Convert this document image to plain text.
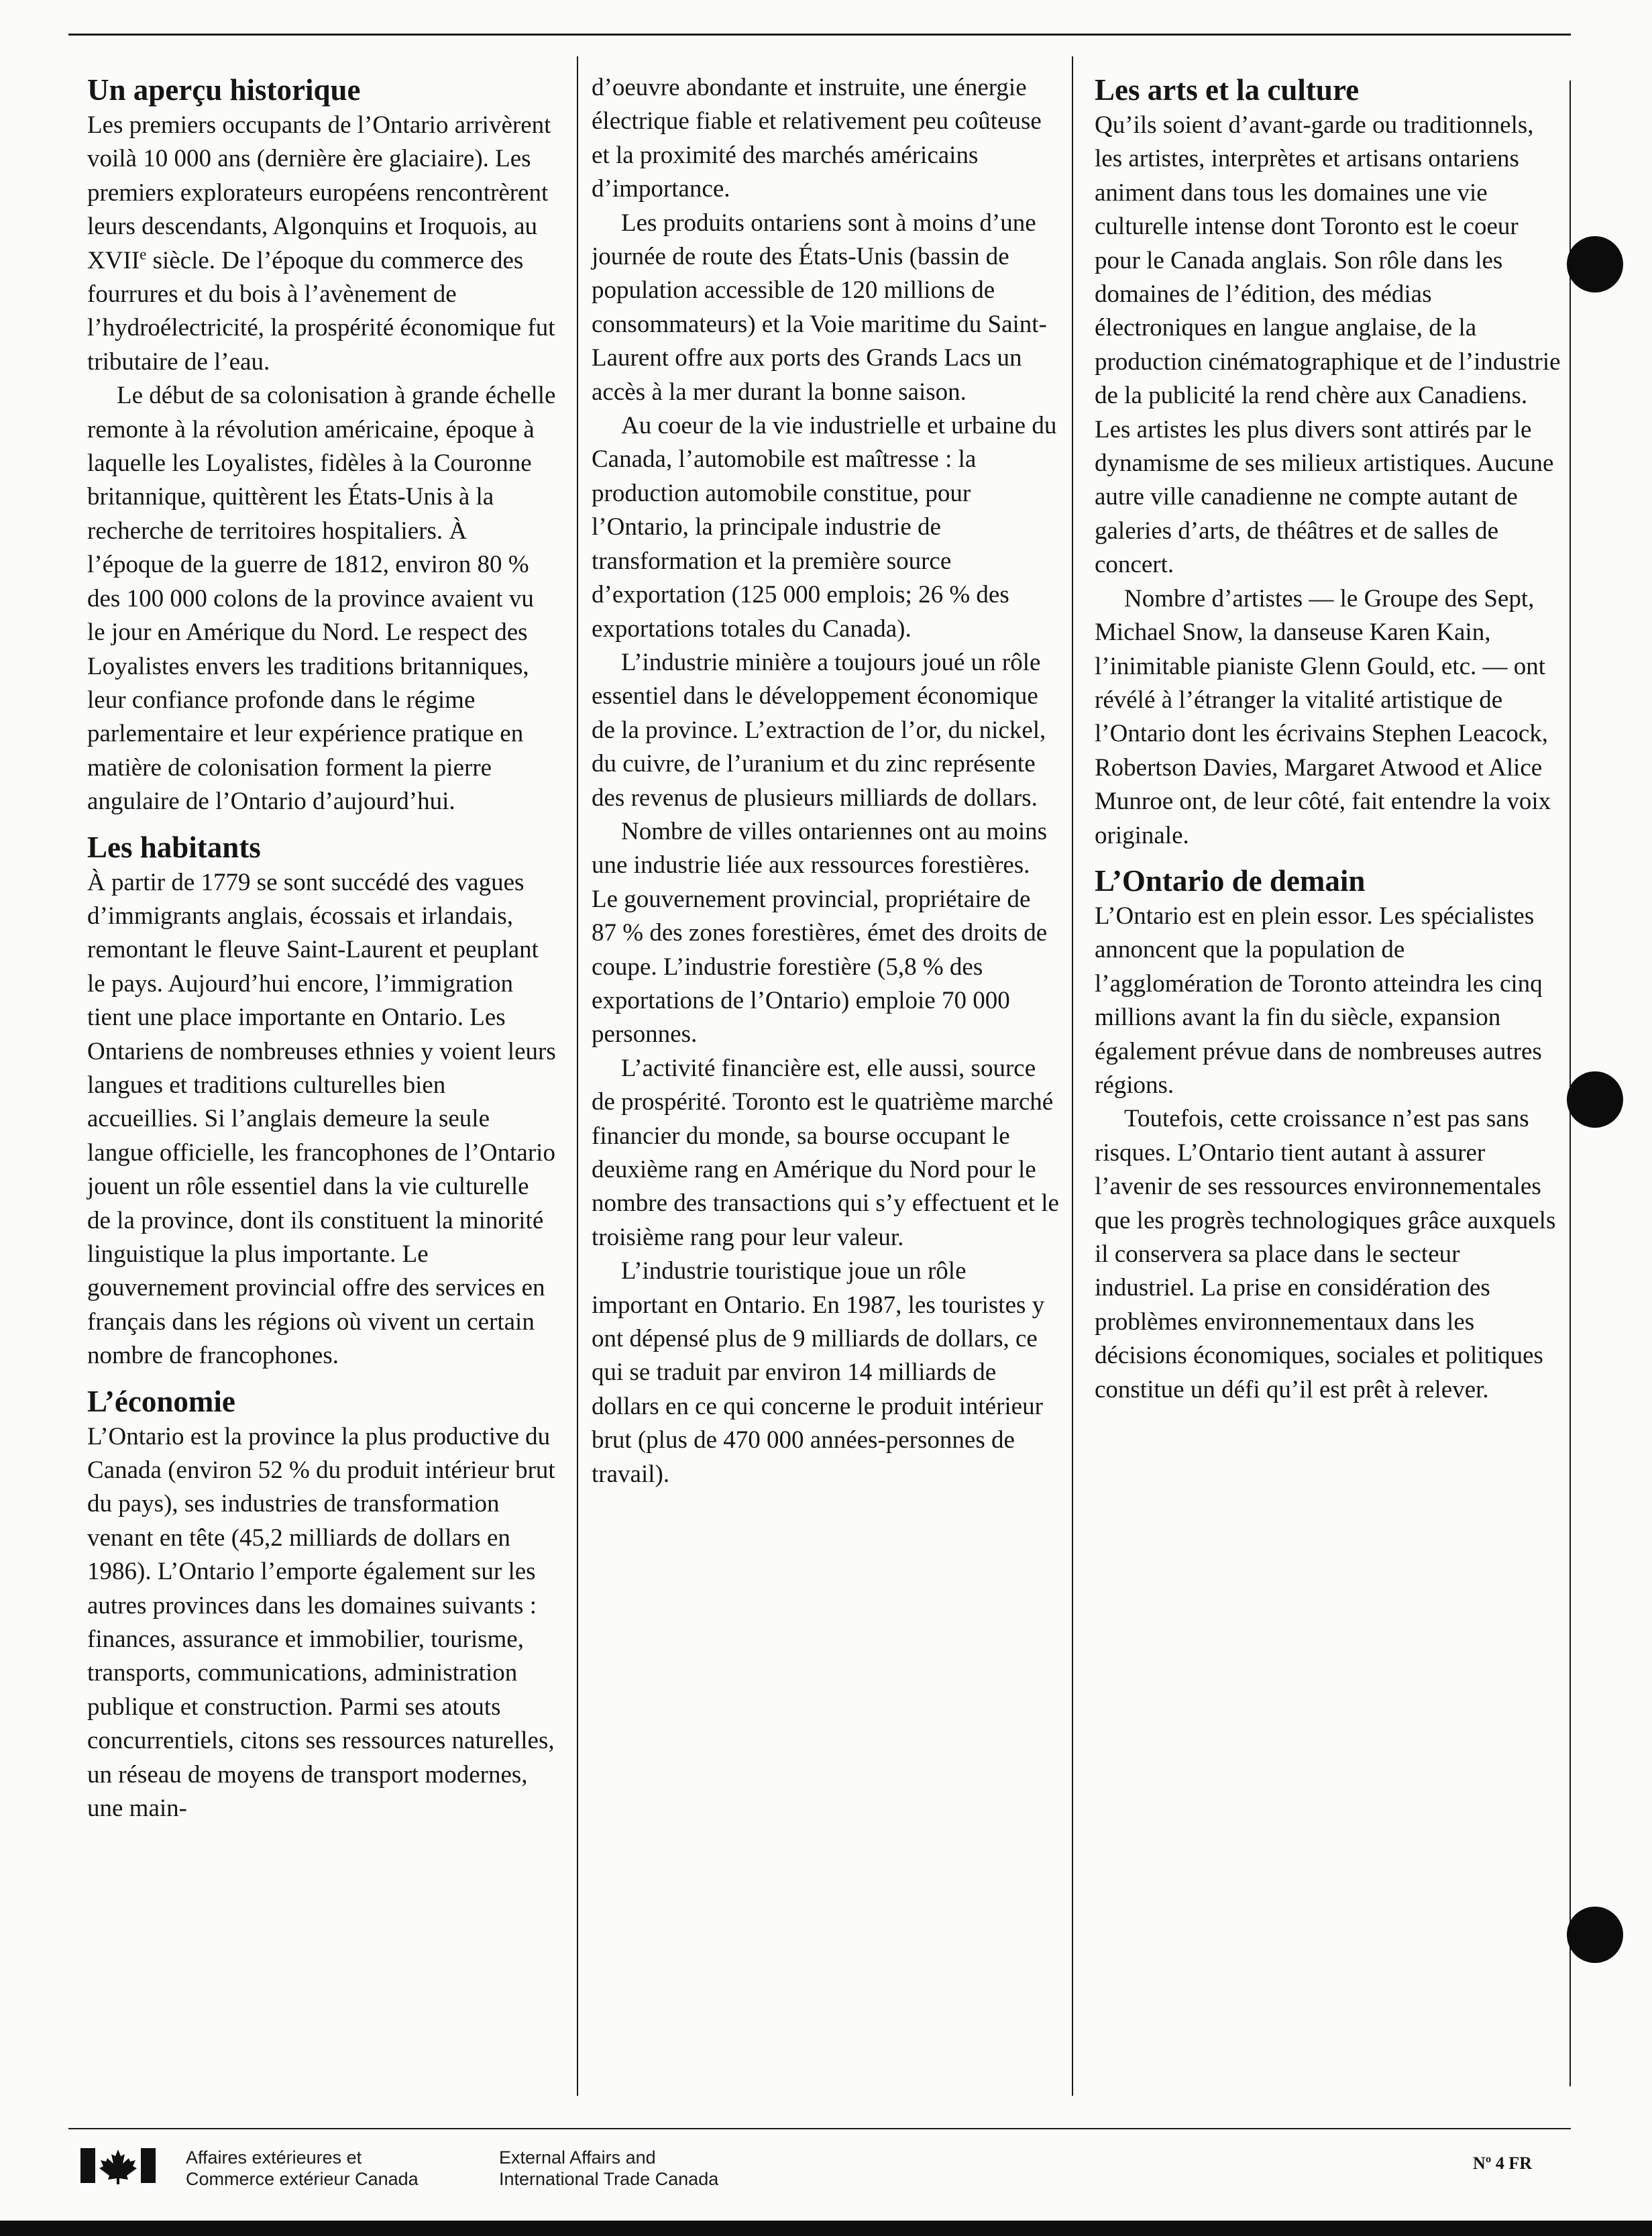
Un aperçu historique

Les premiers occupants de l’Ontario arrivèrent voilà 10 000 ans (dernière ère glaciaire). Les premiers explorateurs européens rencontrèrent leurs descendants, Algonquins et Iroquois, au XVIIe siècle. De l’époque du commerce des fourrures et du bois à l’avènement de l’hydroélectricité, la prospérité économique fut tributaire de l’eau.

Le début de sa colonisation à grande échelle remonte à la révolution américaine, époque à laquelle les Loyalistes, fidèles à la Couronne britannique, quittèrent les États-Unis à la recherche de territoires hospitaliers. À l’époque de la guerre de 1812, environ 80 % des 100 000 colons de la province avaient vu le jour en Amérique du Nord. Le respect des Loyalistes envers les traditions britanniques, leur confiance profonde dans le régime parlementaire et leur expérience pratique en matière de colonisation forment la pierre angulaire de l’Ontario d’aujourd’hui.

Les habitants

À partir de 1779 se sont succédé des vagues d’immigrants anglais, écossais et irlandais, remontant le fleuve Saint-Laurent et peuplant le pays. Aujourd’hui encore, l’immigration tient une place importante en Ontario. Les Ontariens de nombreuses ethnies y voient leurs langues et traditions culturelles bien accueillies. Si l’anglais demeure la seule langue officielle, les francophones de l’Ontario jouent un rôle essentiel dans la vie culturelle de la province, dont ils constituent la minorité linguistique la plus importante. Le gouvernement provincial offre des services en français dans les régions où vivent un certain nombre de francophones.

L’économie

L’Ontario est la province la plus productive du Canada (environ 52 % du produit intérieur brut du pays), ses industries de transformation venant en tête (45,2 milliards de dollars en 1986). L’Ontario l’emporte également sur les autres provinces dans les domaines suivants : finances, assurance et immobilier, tourisme, transports, communications, administration publique et construction. Parmi ses atouts concurrentiels, citons ses ressources naturelles, un réseau de moyens de transport modernes, une main-

d’oeuvre abondante et instruite, une énergie électrique fiable et relativement peu coûteuse et la proximité des marchés américains d’importance.

Les produits ontariens sont à moins d’une journée de route des États-Unis (bassin de population accessible de 120 millions de consommateurs) et la Voie maritime du Saint-Laurent offre aux ports des Grands Lacs un accès à la mer durant la bonne saison.

Au coeur de la vie industrielle et urbaine du Canada, l’automobile est maîtresse : la production automobile constitue, pour l’Ontario, la principale industrie de transformation et la première source d’exportation (125 000 emplois; 26 % des exportations totales du Canada).

L’industrie minière a toujours joué un rôle essentiel dans le développement économique de la province. L’extraction de l’or, du nickel, du cuivre, de l’uranium et du zinc représente des revenus de plusieurs milliards de dollars.

Nombre de villes ontariennes ont au moins une industrie liée aux ressources forestières. Le gouvernement provincial, propriétaire de 87 % des zones forestières, émet des droits de coupe. L’industrie forestière (5,8 % des exportations de l’Ontario) emploie 70 000 personnes.

L’activité financière est, elle aussi, source de prospérité. Toronto est le quatrième marché financier du monde, sa bourse occupant le deuxième rang en Amérique du Nord pour le nombre des transactions qui s’y effectuent et le troisième rang pour leur valeur.

L’industrie touristique joue un rôle important en Ontario. En 1987, les touristes y ont dépensé plus de 9 milliards de dollars, ce qui se traduit par environ 14 milliards de dollars en ce qui concerne le produit intérieur brut (plus de 470 000 années-personnes de travail).

Les arts et la culture

Qu’ils soient d’avant-garde ou traditionnels, les artistes, interprètes et artisans ontariens animent dans tous les domaines une vie culturelle intense dont Toronto est le coeur pour le Canada anglais. Son rôle dans les domaines de l’édition, des médias électroniques en langue anglaise, de la production cinématographique et de l’industrie de la publicité la rend chère aux Canadiens. Les artistes les plus divers sont attirés par le dynamisme de ses milieux artistiques. Aucune autre ville canadienne ne compte autant de galeries d’arts, de théâtres et de salles de concert.

Nombre d’artistes — le Groupe des Sept, Michael Snow, la danseuse Karen Kain, l’inimitable pianiste Glenn Gould, etc. — ont révélé à l’étranger la vitalité artistique de l’Ontario dont les écrivains Stephen Leacock, Robertson Davies, Margaret Atwood et Alice Munroe ont, de leur côté, fait entendre la voix originale.

L’Ontario de demain

L’Ontario est en plein essor. Les spécialistes annoncent que la population de l’agglomération de Toronto atteindra les cinq millions avant la fin du siècle, expansion également prévue dans de nombreuses autres régions.

Toutefois, cette croissance n’est pas sans risques. L’Ontario tient autant à assurer l’avenir de ses ressources environnementales que les progrès technologiques grâce auxquels il conservera sa place dans le secteur industriel. La prise en considération des problèmes environnementaux dans les décisions économiques, sociales et politiques constitue un défi qu’il est prêt à relever.

Affaires extérieures et
Commerce extérieur Canada
External Affairs and
International Trade Canada
Nº 4 FR
